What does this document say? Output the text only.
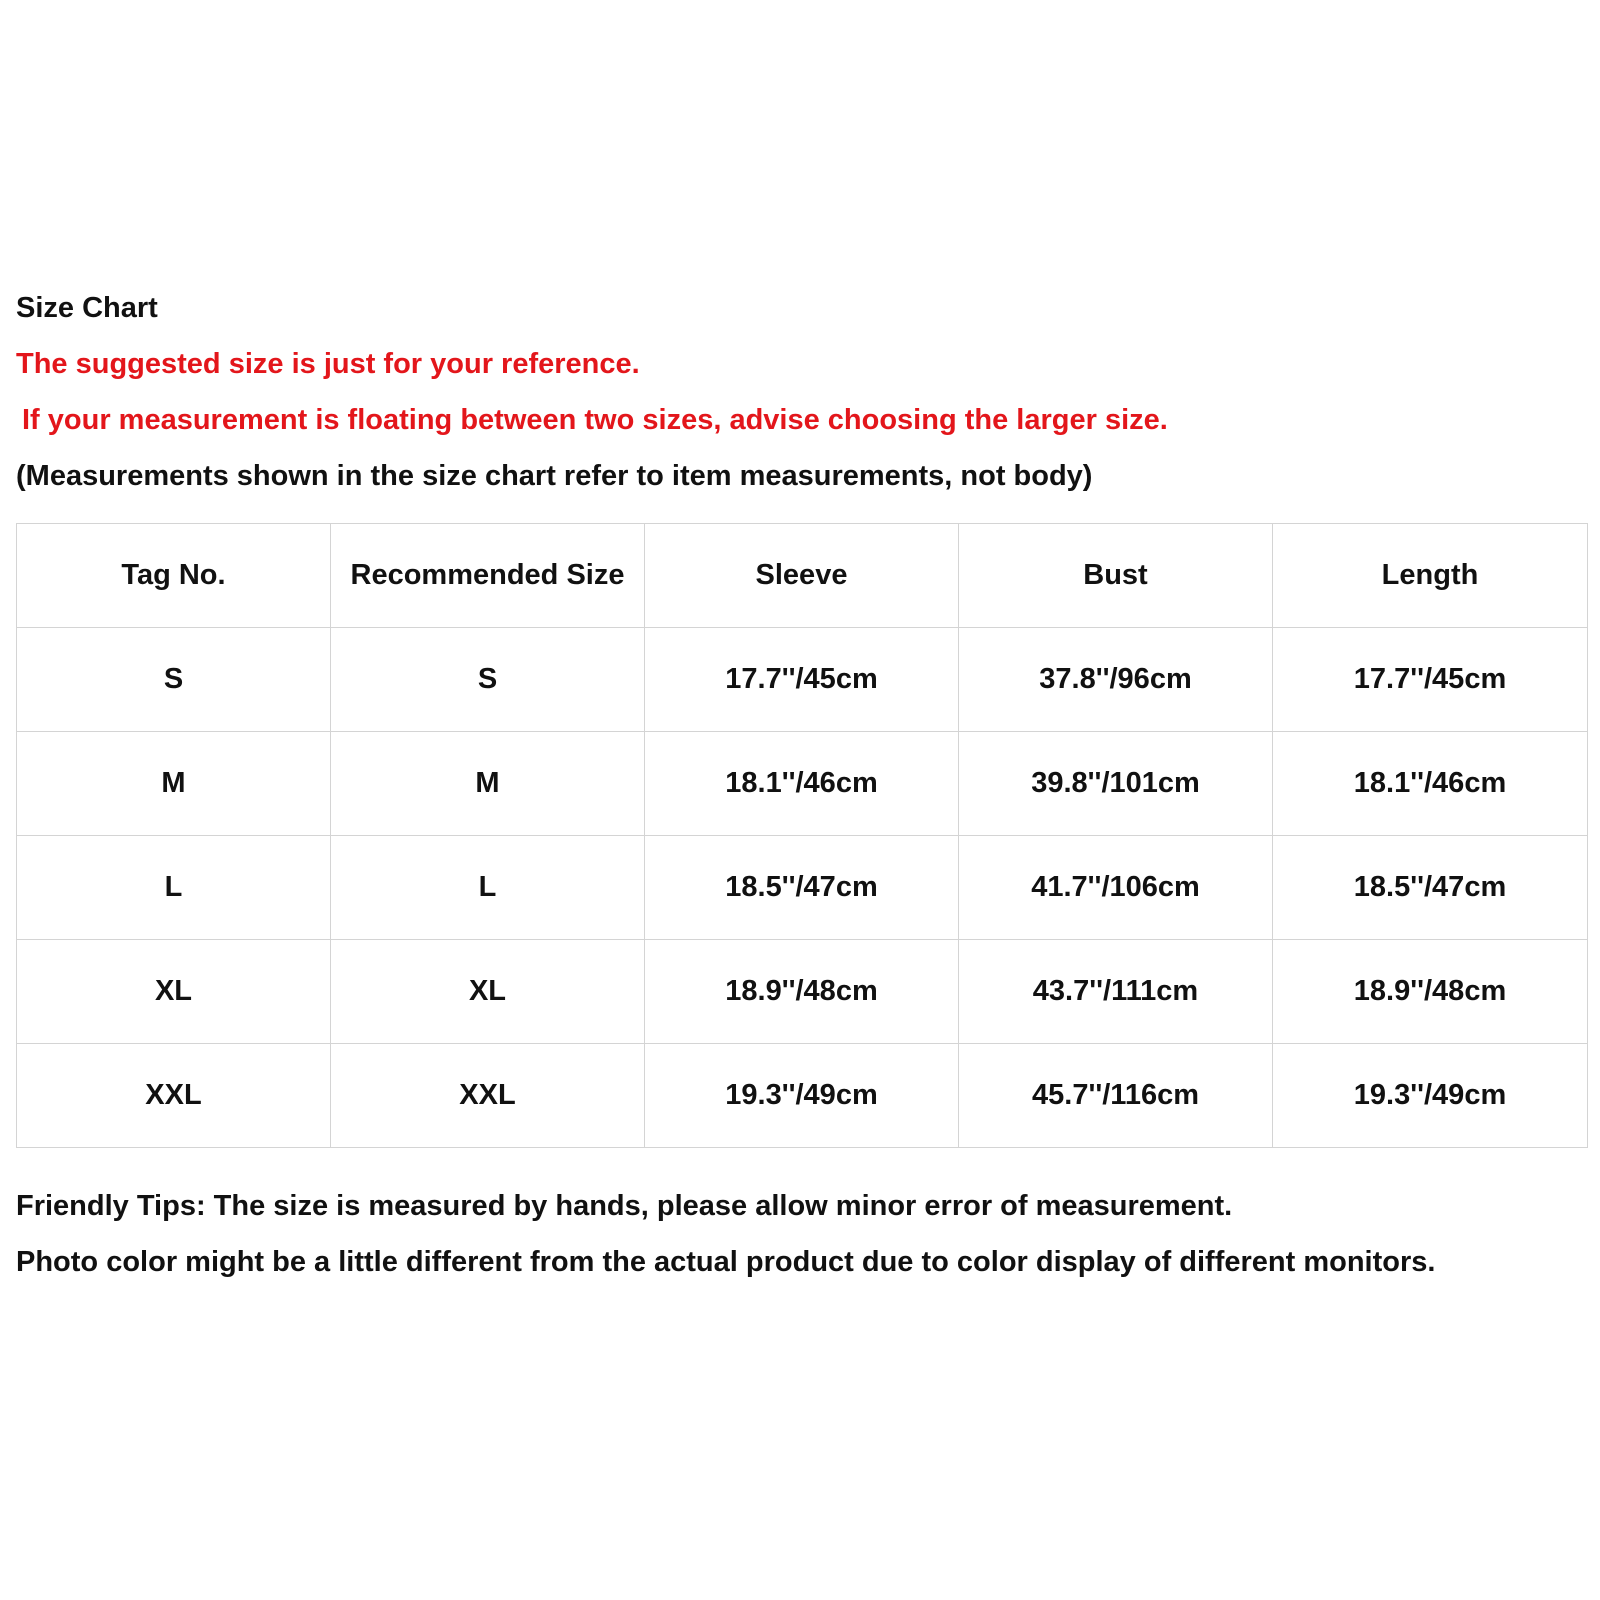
Size Chart
The suggested size is just for your reference.
If your measurement is floating between two sizes, advise choosing the larger size.
(Measurements shown in the size chart refer to item measurements, not body)
Tag No.	Recommended Size	Sleeve	Bust	Length
S	S	17.7''/45cm	37.8''/96cm	17.7''/45cm
M	M	18.1''/46cm	39.8''/101cm	18.1''/46cm
L	L	18.5''/47cm	41.7''/106cm	18.5''/47cm
XL	XL	18.9''/48cm	43.7''/111cm	18.9''/48cm
XXL	XXL	19.3''/49cm	45.7''/116cm	19.3''/49cm
Friendly Tips: The size is measured by hands, please allow minor error of measurement.
Photo color might be a little different from the actual product due to color display of different monitors.
